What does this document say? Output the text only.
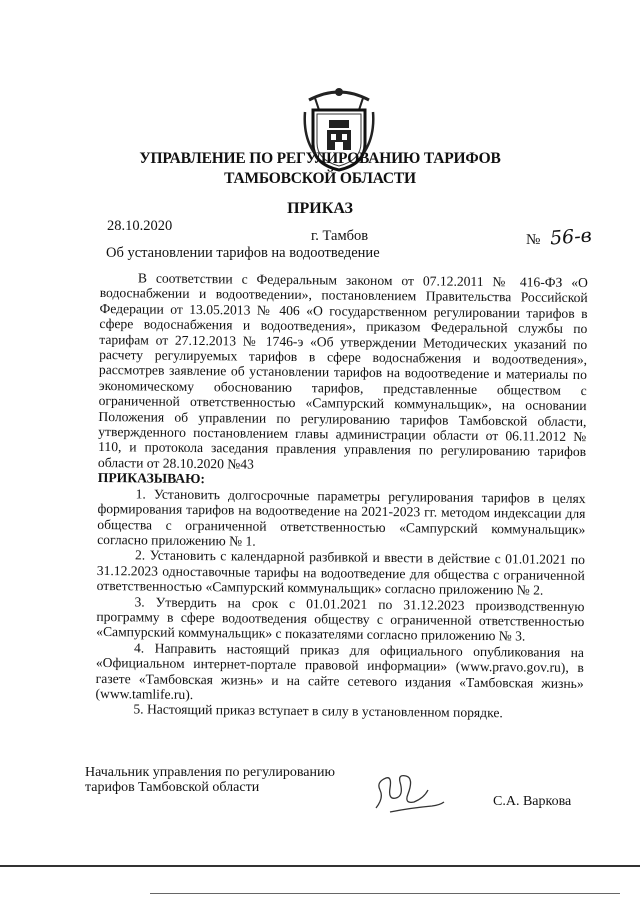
УПРАВЛЕНИЕ ПО РЕГУЛИРОВАНИЮ ТАРИФОВ
ТАМБОВСКОЙ ОБЛАСТИ
ПРИКАЗ
28.10.2020
г. Тамбов	№ 56-в
Об установлении тарифов на водоотведение

В соответствии с Федеральным законом от 07.12.2011 № 416-ФЗ «О водоснабжении и водоотведении», постановлением Правительства Российской Федерации от 13.05.2013 № 406 «О государственном регулировании тарифов в сфере водоснабжения и водоотведения», приказом Федеральной службы по тарифам от 27.12.2013 № 1746-э «Об утверждении Методических указаний по расчету регулируемых тарифов в сфере водоснабжения и водоотведения», рассмотрев заявление об установлении тарифов на водоотведение и материалы по экономическому обоснованию тарифов, представленные обществом с ограниченной ответственностью «Сампурский коммунальщик», на основании Положения об управлении по регулированию тарифов Тамбовской области, утвержденного постановлением главы администрации области от 06.11.2012 № 110, и протокола заседания правления управления по регулированию тарифов области от 28.10.2020 №43

ПРИКАЗЫВАЮ:

1. Установить долгосрочные параметры регулирования тарифов в целях формирования тарифов на водоотведение на 2021-2023 гг. методом индексации для общества с ограниченной ответственностью «Сампурский коммунальщик» согласно приложению № 1.

2. Установить с календарной разбивкой и ввести в действие с 01.01.2021 по 31.12.2023 одноставочные тарифы на водоотведение для общества с ограниченной ответственностью «Сампурский коммунальщик» согласно приложению № 2.

3. Утвердить на срок с 01.01.2021 по 31.12.2023 производственную программу в сфере водоотведения обществу с ограниченной ответственностью «Сампурский коммунальщик» с показателями согласно приложению № 3.

4. Направить настоящий приказ для официального опубликования на «Официальном интернет-портале правовой информации» (www.pravo.gov.ru), в газете «Тамбовская жизнь» и на сайте сетевого издания «Тамбовская жизнь» (www.tamlife.ru).

5. Настоящий приказ вступает в силу в установленном порядке.

Начальник управления по регулированию
тарифов Тамбовской области
С.А. Варкова
